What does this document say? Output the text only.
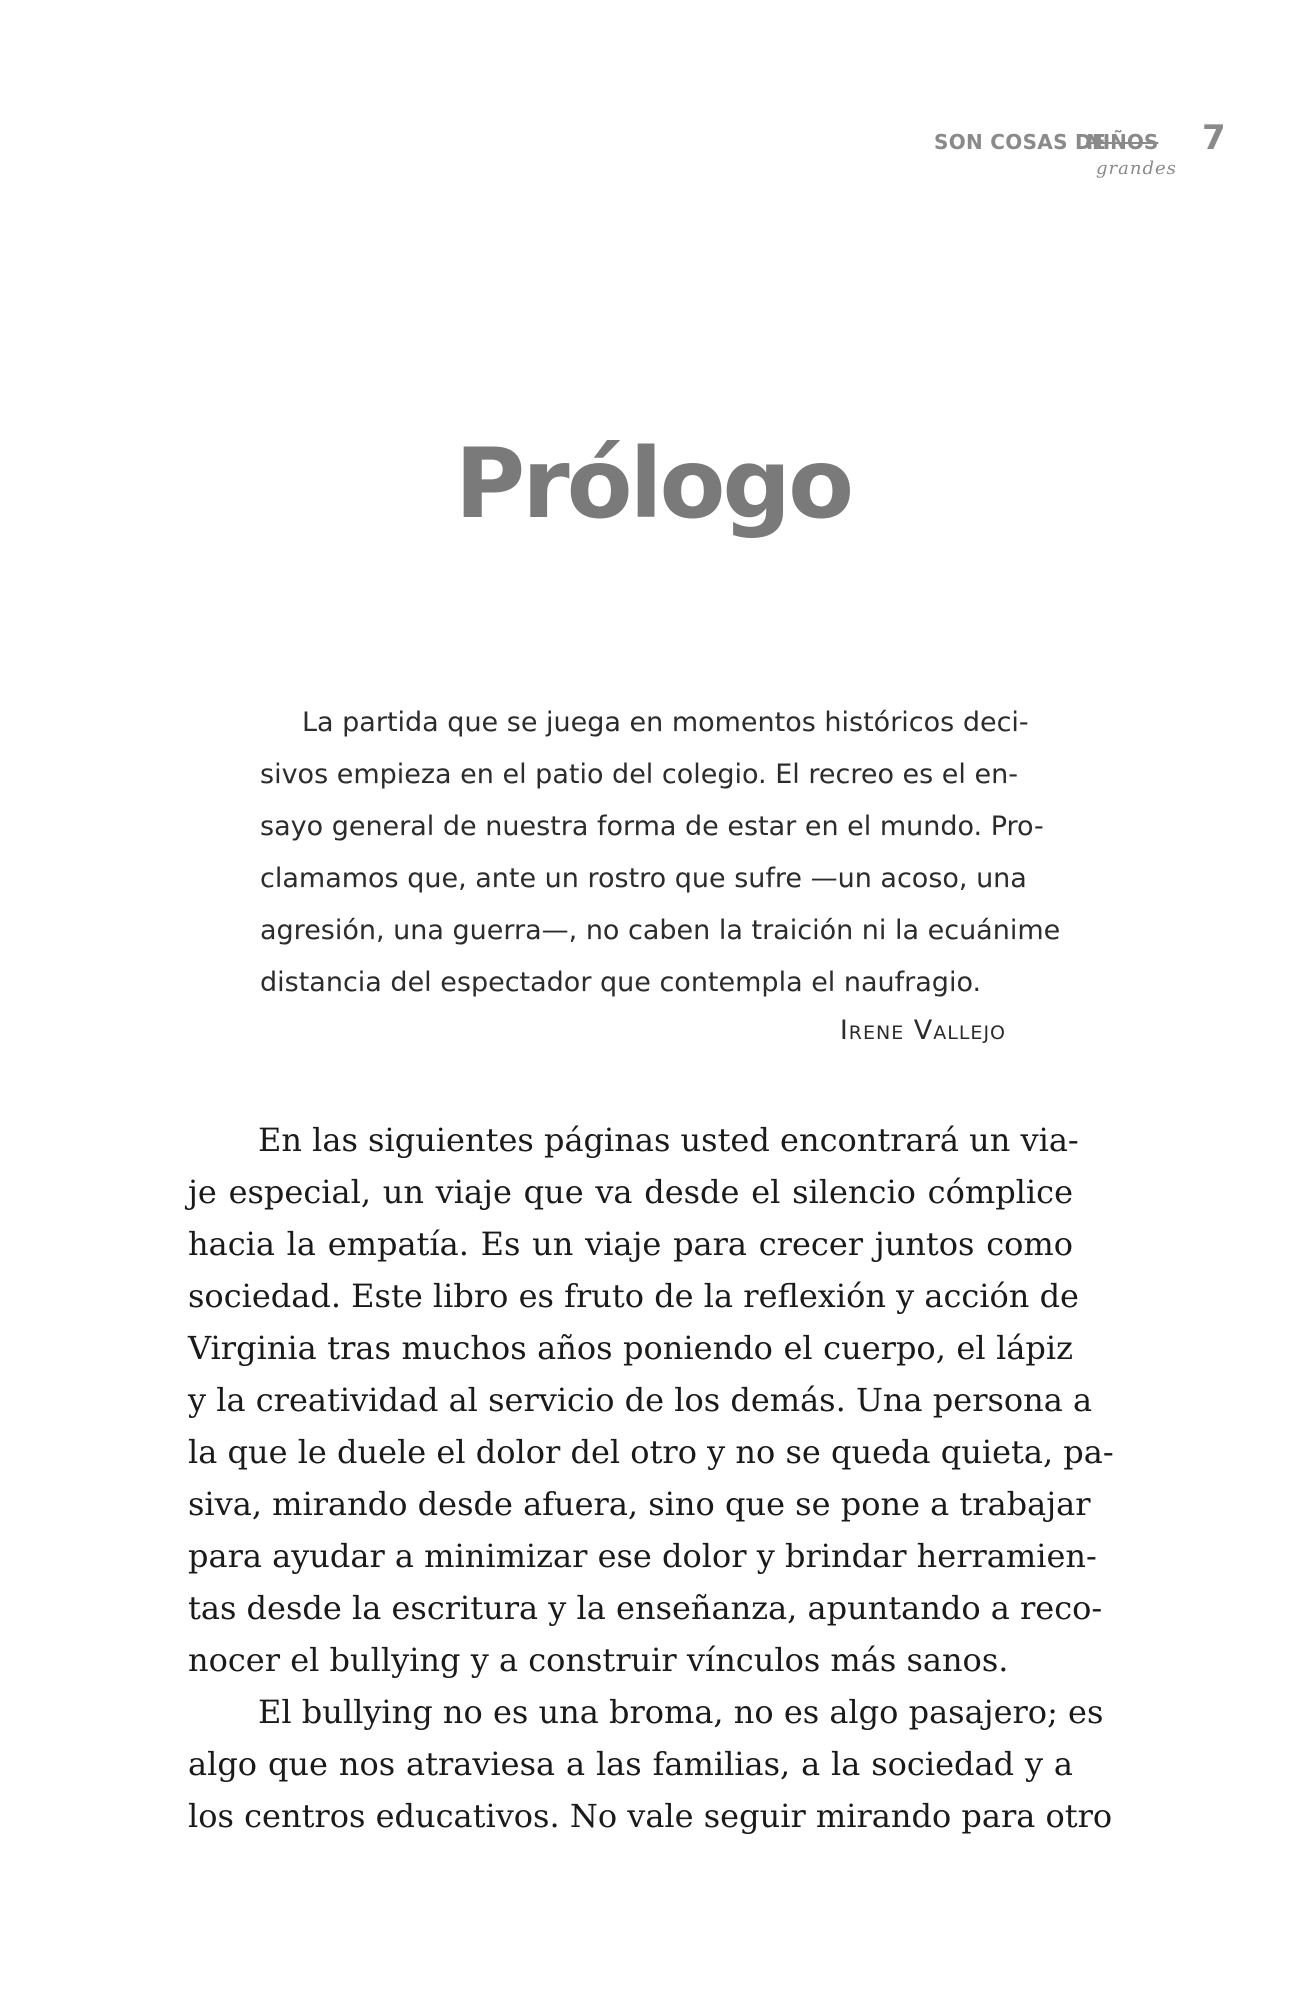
SON COSAS DE
NIÑOS
grandes
7
Prólogo
La partida que se juega en momentos históricos deci-
sivos empieza en el patio del colegio. El recreo es el en-
sayo general de nuestra forma de estar en el mundo. Pro-
clamamos que, ante un rostro que sufre —un acoso, una
agresión, una guerra—, no caben la traición ni la ecuánime
distancia del espectador que contempla el naufragio.
Irene Vallejo
En las siguientes páginas usted encontrará un via-
je especial, un viaje que va desde el silencio cómplice
hacia la empatía. Es un viaje para crecer juntos como
sociedad. Este libro es fruto de la reflexión y acción de
Virginia tras muchos años poniendo el cuerpo, el lápiz
y la creatividad al servicio de los demás. Una persona a
la que le duele el dolor del otro y no se queda quieta, pa-
siva, mirando desde afuera, sino que se pone a trabajar
para ayudar a minimizar ese dolor y brindar herramien-
tas desde la escritura y la enseñanza, apuntando a reco-
nocer el bullying y a construir vínculos más sanos.
El bullying no es una broma, no es algo pasajero; es
algo que nos atraviesa a las familias, a la sociedad y a
los centros educativos. No vale seguir mirando para otro
